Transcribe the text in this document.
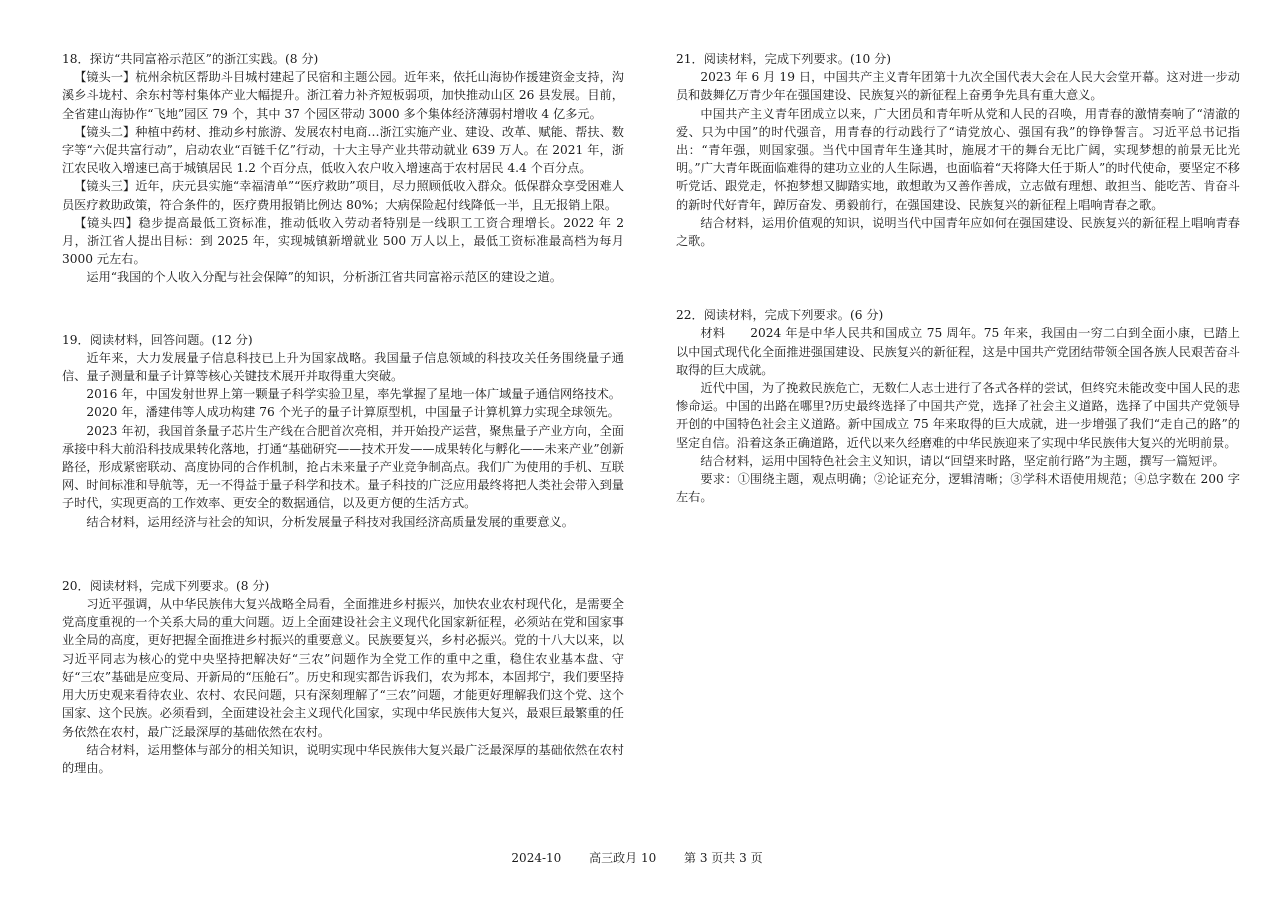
18．探访“共同富裕示范区”的浙江实践。(8 分)

【镜头一】杭州余杭区帮助斗目城村建起了民宿和主题公园。近年来，依托山海协作援建资金支持，沟溪乡斗垅村、余东村等村集体产业大幅提升。浙江着力补齐短板弱项，加快推动山区 26 县发展。目前，全省建山海协作“飞地”园区 79 个，其中 37 个园区带动 3000 多个集体经济薄弱村增收 4 亿多元。

【镜头二】种植中药材、推动乡村旅游、发展农村电商…浙江实施产业、建设、改革、赋能、帮扶、数字等“六促共富行动”，启动农业“百链千亿”行动，十大主导产业共带动就业 639 万人。在 2021 年，浙江农民收入增速已高于城镇居民 1.2 个百分点，低收入农户收入增速高于农村居民 4.4 个百分点。

【镜头三】近年，庆元县实施“幸福清单”“医疗救助”项目，尽力照顾低收入群众。低保群众享受困难人员医疗救助政策，符合条件的，医疗费用报销比例达 80%；大病保险起付线降低一半，且无报销上限。

【镜头四】稳步提高最低工资标准，推动低收入劳动者特别是一线职工工资合理增长。2022 年 2 月，浙江省人提出目标：到 2025 年，实现城镇新增就业 500 万人以上，最低工资标准最高档为每月 3000 元左右。

运用“我国的个人收入分配与社会保障”的知识，分析浙江省共同富裕示范区的建设之道。

19．阅读材料，回答问题。(12 分)

近年来，大力发展量子信息科技已上升为国家战略。我国量子信息领域的科技攻关任务围绕量子通信、量子测量和量子计算等核心关键技术展开并取得重大突破。

2016 年，中国发射世界上第一颗量子科学实验卫星，率先掌握了星地一体广域量子通信网络技术。

2020 年，潘建伟等人成功构建 76 个光子的量子计算原型机，中国量子计算机算力实现全球领先。

2023 年初，我国首条量子芯片生产线在合肥首次亮相，并开始投产运营，聚焦量子产业方向，全面承接中科大前沿科技成果转化落地，打通“基础研究——技术开发——成果转化与孵化——未来产业”创新路径，形成紧密联动、高度协同的合作机制，抢占未来量子产业竞争制高点。我们广为使用的手机、互联网、时间标准和导航等，无一不得益于量子科学和技术。量子科技的广泛应用最终将把人类社会带入到量子时代，实现更高的工作效率、更安全的数据通信，以及更方便的生活方式。

结合材料，运用经济与社会的知识，分析发展量子科技对我国经济高质量发展的重要意义。

20．阅读材料，完成下列要求。(8 分)

习近平强调，从中华民族伟大复兴战略全局看，全面推进乡村振兴，加快农业农村现代化，是需要全党高度重视的一个关系大局的重大问题。迈上全面建设社会主义现代化国家新征程，必须站在党和国家事业全局的高度，更好把握全面推进乡村振兴的重要意义。民族要复兴，乡村必振兴。党的十八大以来，以习近平同志为核心的党中央坚持把解决好“三农”问题作为全党工作的重中之重，稳住农业基本盘、守好“三农”基础是应变局、开新局的“压舱石”。历史和现实都告诉我们，农为邦本，本固邦宁，我们要坚持用大历史观来看待农业、农村、农民问题，只有深刻理解了“三农”问题，才能更好理解我们这个党、这个国家、这个民族。必须看到，全面建设社会主义现代化国家，实现中华民族伟大复兴，最艰巨最繁重的任务依然在农村，最广泛最深厚的基础依然在农村。

结合材料，运用整体与部分的相关知识，说明实现中华民族伟大复兴最广泛最深厚的基础依然在农村的理由。

21．阅读材料，完成下列要求。(10 分)

2023 年 6 月 19 日，中国共产主义青年团第十九次全国代表大会在人民大会堂开幕。这对进一步动员和鼓舞亿万青少年在强国建设、民族复兴的新征程上奋勇争先具有重大意义。

中国共产主义青年团成立以来，广大团员和青年听从党和人民的召唤，用青春的激情奏响了“清澈的爱、只为中国”的时代强音，用青春的行动践行了“请党放心、强国有我”的铮铮誓言。习近平总书记指出：“青年强，则国家强。当代中国青年生逢其时，施展才干的舞台无比广阔，实现梦想的前景无比光明。”广大青年既面临难得的建功立业的人生际遇，也面临着“天将降大任于斯人”的时代使命，要坚定不移听党话、跟党走，怀抱梦想又脚踏实地，敢想敢为又善作善成，立志做有理想、敢担当、能吃苦、肯奋斗的新时代好青年，踔厉奋发、勇毅前行，在强国建设、民族复兴的新征程上唱响青春之歌。

结合材料，运用价值观的知识，说明当代中国青年应如何在强国建设、民族复兴的新征程上唱响青春之歌。

22．阅读材料，完成下列要求。(6 分)

材料　　2024 年是中华人民共和国成立 75 周年。75 年来，我国由一穷二白到全面小康，已踏上以中国式现代化全面推进强国建设、民族复兴的新征程，这是中国共产党团结带领全国各族人民艰苦奋斗取得的巨大成就。

近代中国，为了挽救民族危亡，无数仁人志士进行了各式各样的尝试，但终究未能改变中国人民的悲惨命运。中国的出路在哪里?历史最终选择了中国共产党，选择了社会主义道路，选择了中国共产党领导开创的中国特色社会主义道路。新中国成立 75 年来取得的巨大成就，进一步增强了我们“走自己的路”的坚定自信。沿着这条正确道路，近代以来久经磨难的中华民族迎来了实现中华民族伟大复兴的光明前景。

结合材料，运用中国特色社会主义知识，请以“回望来时路，坚定前行路”为主题，撰写一篇短评。

要求：①围绕主题，观点明确；②论证充分，逻辑清晰；③学科术语使用规范；④总字数在 200 字左右。

2024-10 高三政月 10 第 3 页共 3 页
